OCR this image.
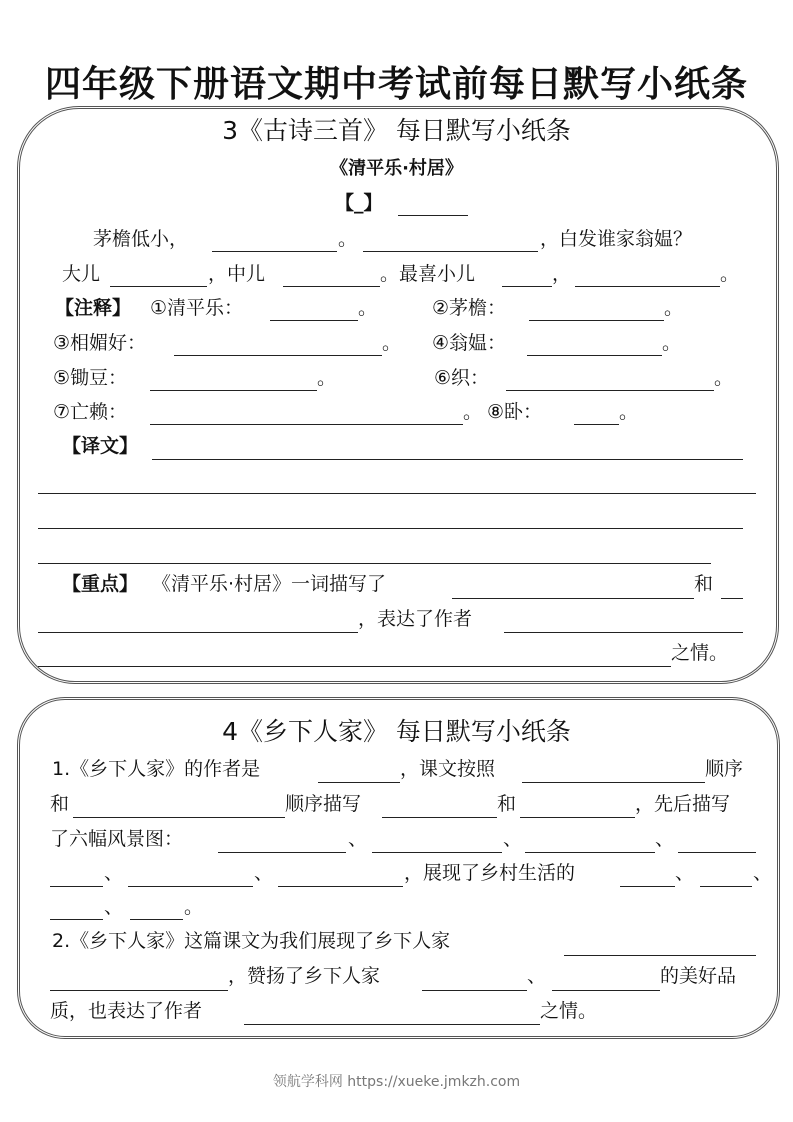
四年级下册语文期中考试前每日默写小纸条
3《古诗三首》 每日默写小纸条
《清平乐·村居》
【_】
茅檐低小，	。	，白发谁家翁媪？
大儿	，中儿	。最喜小儿	，	。
【注释】 ①清平乐：	。	②茅檐：	。
③相媚好：	。 ④翁媪：	。
⑤锄豆：	。	⑥织：	。
⑦亡赖：	。 ⑧卧：	。
【译文】
【重点】 《清平乐·村居》一词描写了	和
，表达了作者
之情。
4《乡下人家》 每日默写小纸条
1.《乡下人家》的作者是	，课文按照	顺序
和	顺序描写	和	，先后描写
了六幅风景图：	、	、	、
、	、	，展现了乡村生活的	、	、
、	。
2.《乡下人家》这篇课文为我们展现了乡下人家
，赞扬了乡下人家	、	的美好品
质，也表达了作者	之情。
领航学科网 https://xueke.jmkzh.com
